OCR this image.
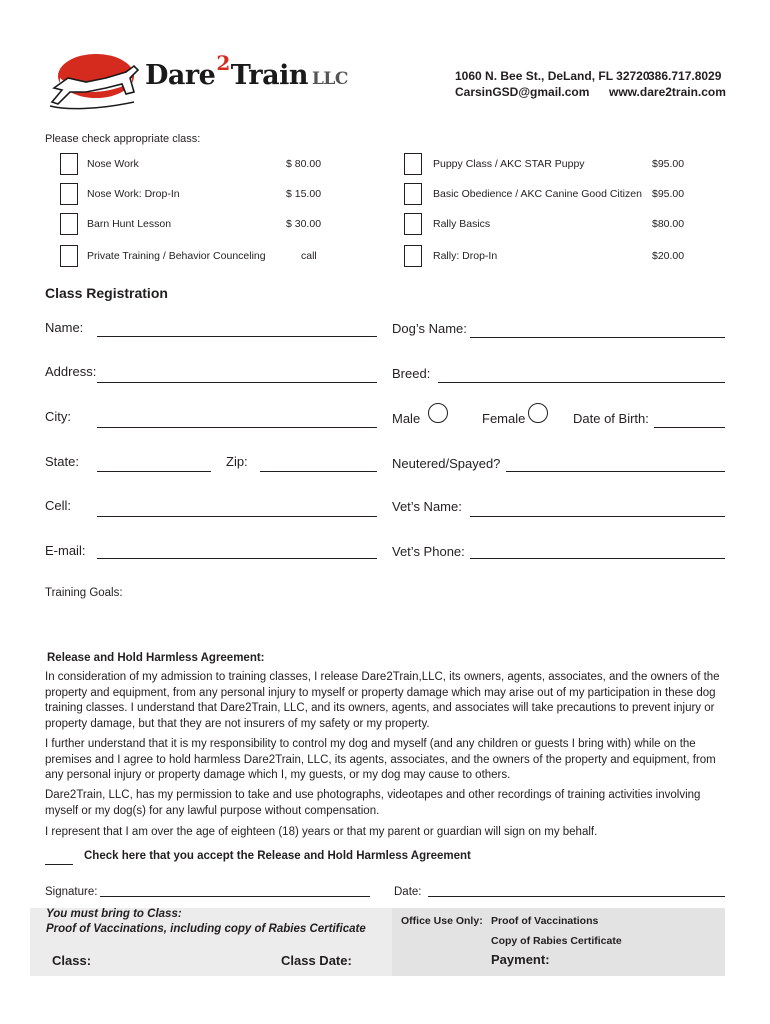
Dare$^2$Train LLC	1060 N. Bee St., DeLand, FL 32720
386.717.8029
CarsinGSD@gmail.com www.dare2train.com
Please check appropriate class:
Nose Work	$ 80.00
Nose Work: Drop-In	$ 15.00
Barn Hunt Lesson	$ 30.00
Private Training / Behavior Counceling	call
Puppy Class / AKC STAR Puppy	$95.00
Basic Obedience / AKC Canine Good Citizen $95.00
Rally Basics	$80.00
Rally: Drop-In	$20.00
Class Registration
Name:	Dog’s Name:
Address:	Breed:
City:	Male	Female	Date of Birth:
State:	Zip:	Neutered/Spayed?
Cell:	Vet’s Name:
E-mail:	Vet’s Phone:
Training Goals:
Release and Hold Harmless Agreement:
In consideration of my admission to training classes, I release Dare2Train,LLC, its owners, agents, associates, and the owners of the property and equipment, from any personal injury to myself or property damage which may arise out of my participation in these dog training classes. I understand that Dare2Train, LLC, and its owners, agents, and associates will take precautions to prevent injury or property damage, but that they are not insurers of my safety or my property.
I further understand that it is my responsibility to control my dog and myself (and any children or guests I bring with) while on the premises and I agree to hold harmless Dare2Train, LLC, its agents, associates, and the owners of the property and equipment, from any personal injury or property damage which I, my guests, or my dog may cause to others.
Dare2Train, LLC, has my permission to take and use photographs, videotapes and other recordings of training activities involving myself or my dog(s) for any lawful purpose without compensation.
I represent that I am over the age of eighteen (18) years or that my parent or guardian will sign on my behalf.
Check here that you accept the Release and Hold Harmless Agreement
Signature:	Date:
You must bring to Class:
Proof of Vaccinations, including copy of Rabies Certificate
Class:	Class Date:
Office Use Only: Proof of Vaccinations
Copy of Rabies Certificate
Payment:
